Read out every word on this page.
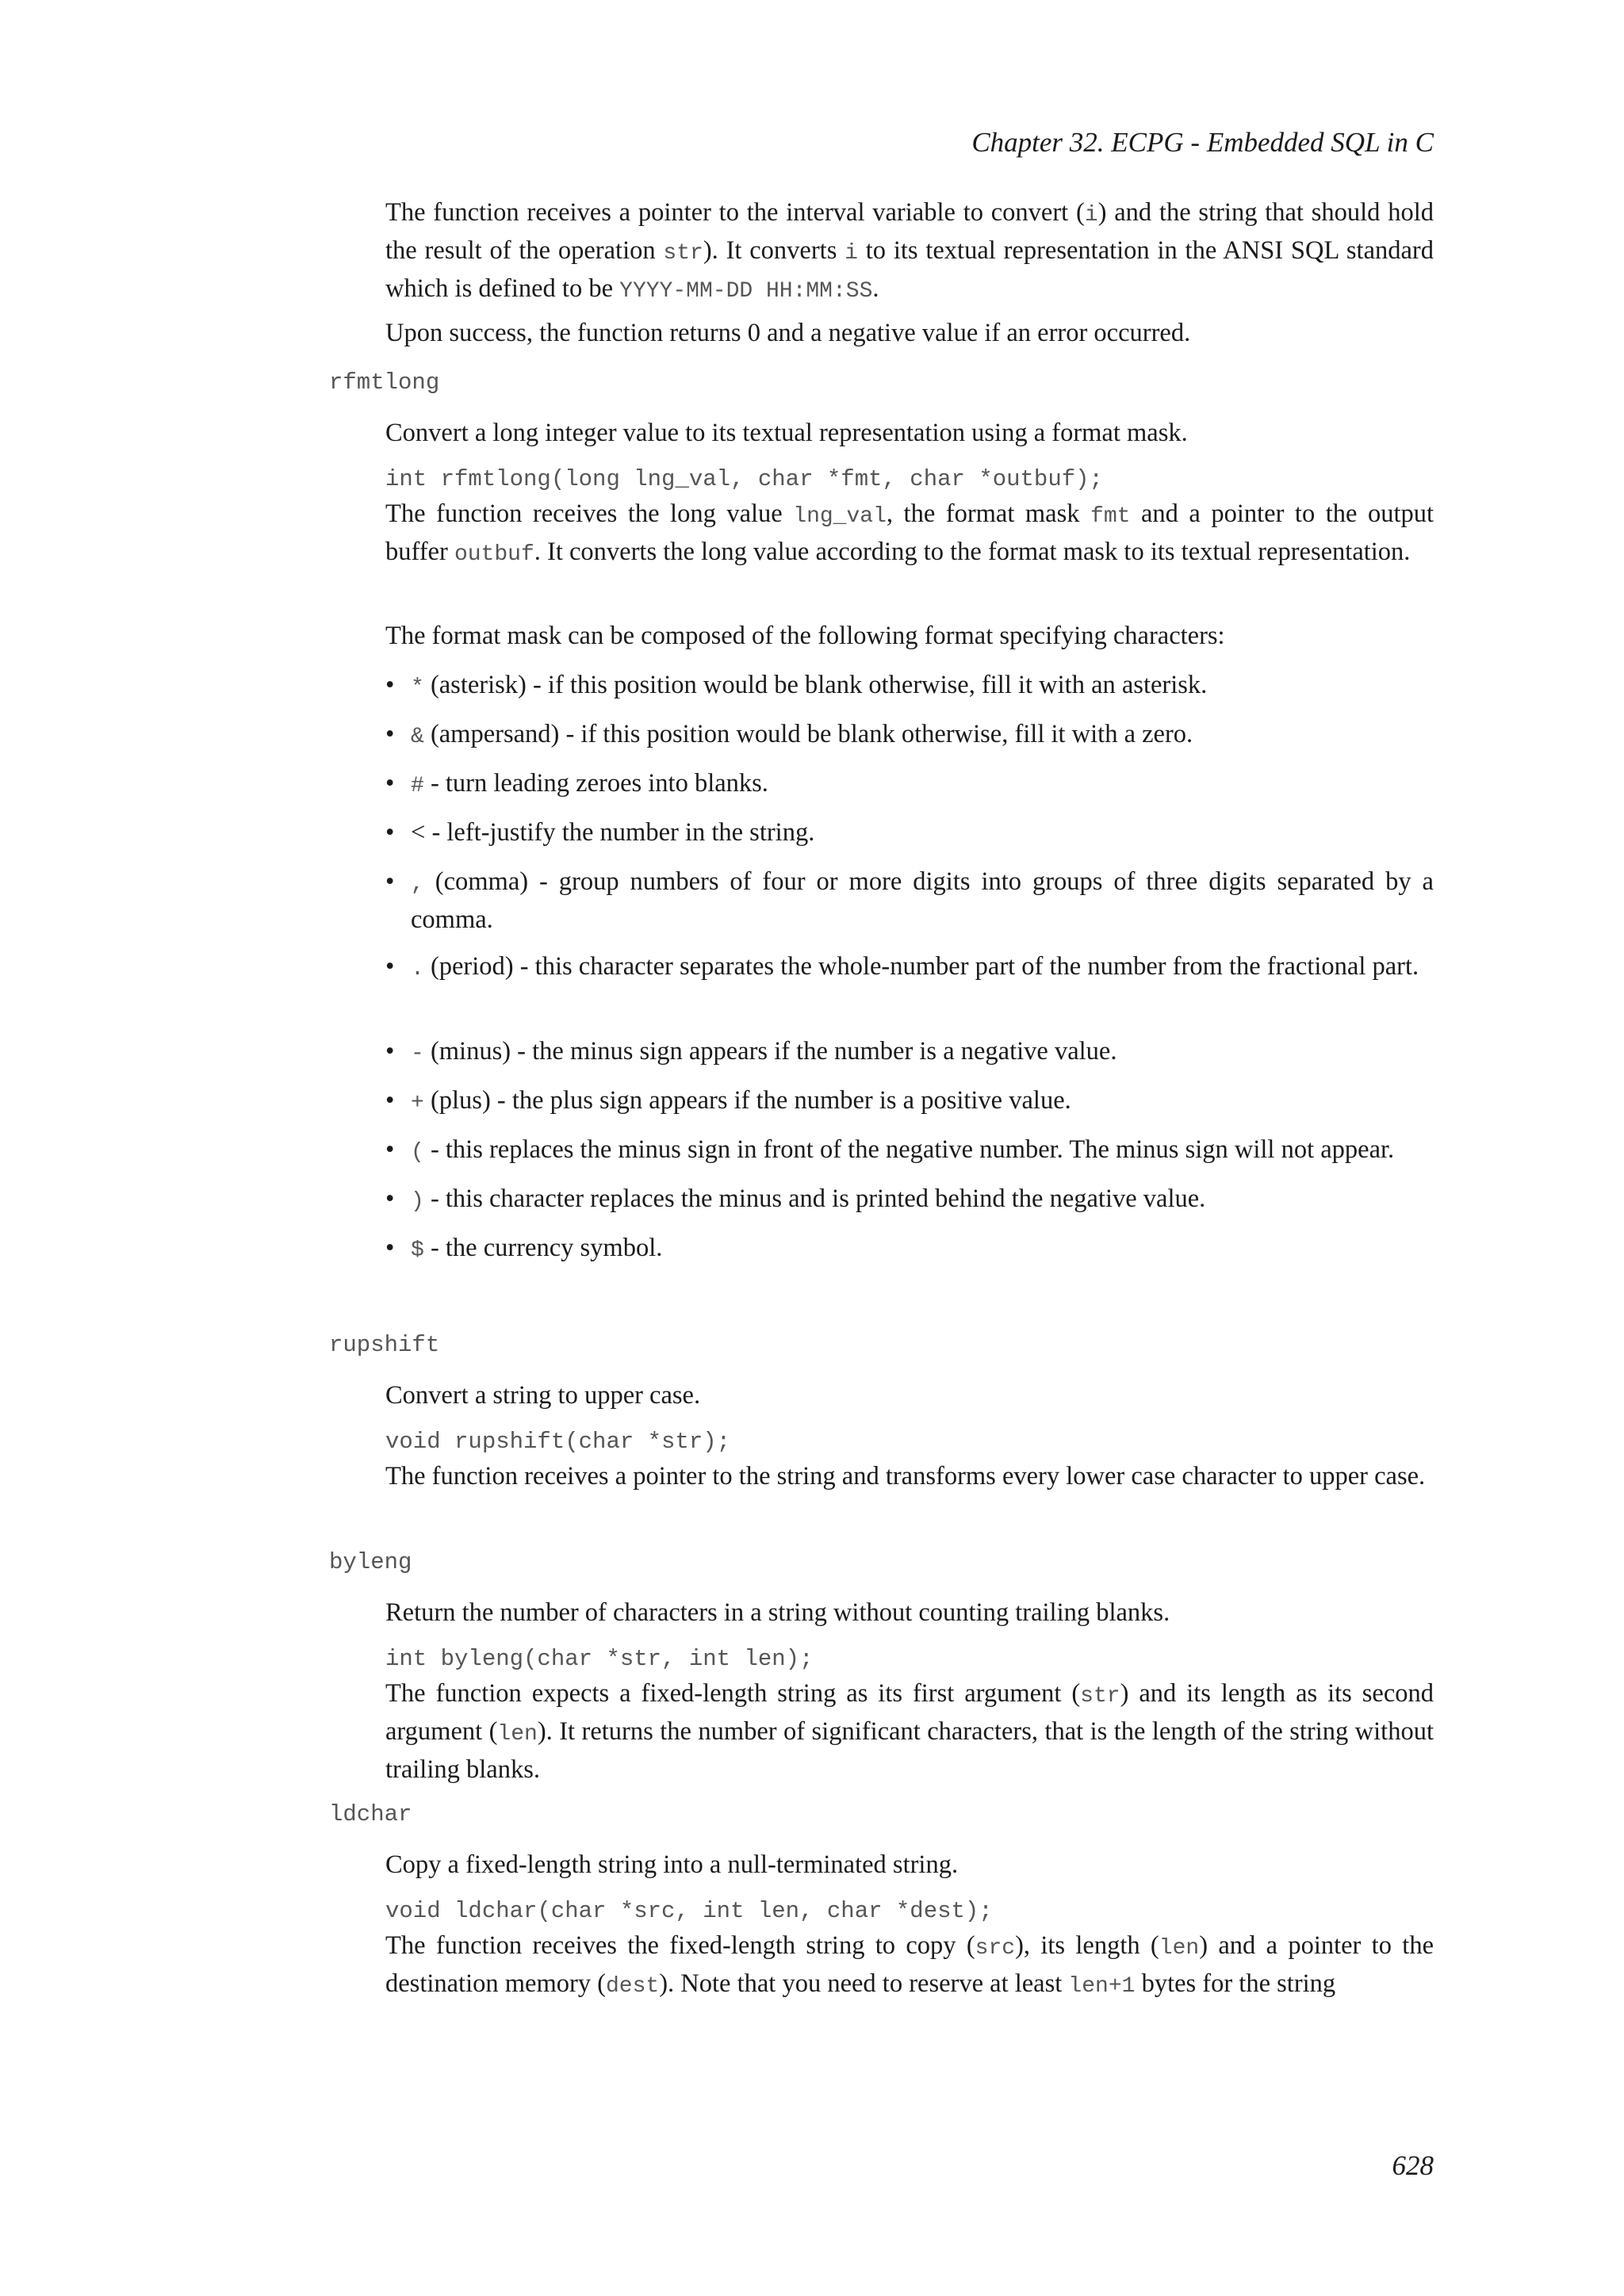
Chapter 32. ECPG - Embedded SQL in C

The function receives a pointer to the interval variable to convert (i) and the string that should hold the result of the operation str). It converts i to its textual representation in the ANSI SQL standard which is defined to be YYYY-MM-DD HH:MM:SS.

Upon success, the function returns 0 and a negative value if an error occurred.

rfmtlong

Convert a long integer value to its textual representation using a format mask.

int rfmtlong(long lng_val, char *fmt, char *outbuf);

The function receives the long value lng_val, the format mask fmt and a pointer to the output buffer outbuf. It converts the long value according to the format mask to its textual representation.

The format mask can be composed of the following format specifying characters:

• * (asterisk) - if this position would be blank otherwise, fill it with an asterisk.
• & (ampersand) - if this position would be blank otherwise, fill it with a zero.
• # - turn leading zeroes into blanks.
• < - left-justify the number in the string.
• , (comma) - group numbers of four or more digits into groups of three digits separated by a comma.
• . (period) - this character separates the whole-number part of the number from the fractional part.
• - (minus) - the minus sign appears if the number is a negative value.
• + (plus) - the plus sign appears if the number is a positive value.
• ( - this replaces the minus sign in front of the negative number. The minus sign will not appear.
• ) - this character replaces the minus and is printed behind the negative value.
• $ - the currency symbol.

rupshift

Convert a string to upper case.

void rupshift(char *str);

The function receives a pointer to the string and transforms every lower case character to upper case.

byleng

Return the number of characters in a string without counting trailing blanks.

int byleng(char *str, int len);

The function expects a fixed-length string as its first argument (str) and its length as its second argument (len). It returns the number of significant characters, that is the length of the string without trailing blanks.

ldchar

Copy a fixed-length string into a null-terminated string.

void ldchar(char *src, int len, char *dest);

The function receives the fixed-length string to copy (src), its length (len) and a pointer to the destination memory (dest). Note that you need to reserve at least len+1 bytes for the string

628
